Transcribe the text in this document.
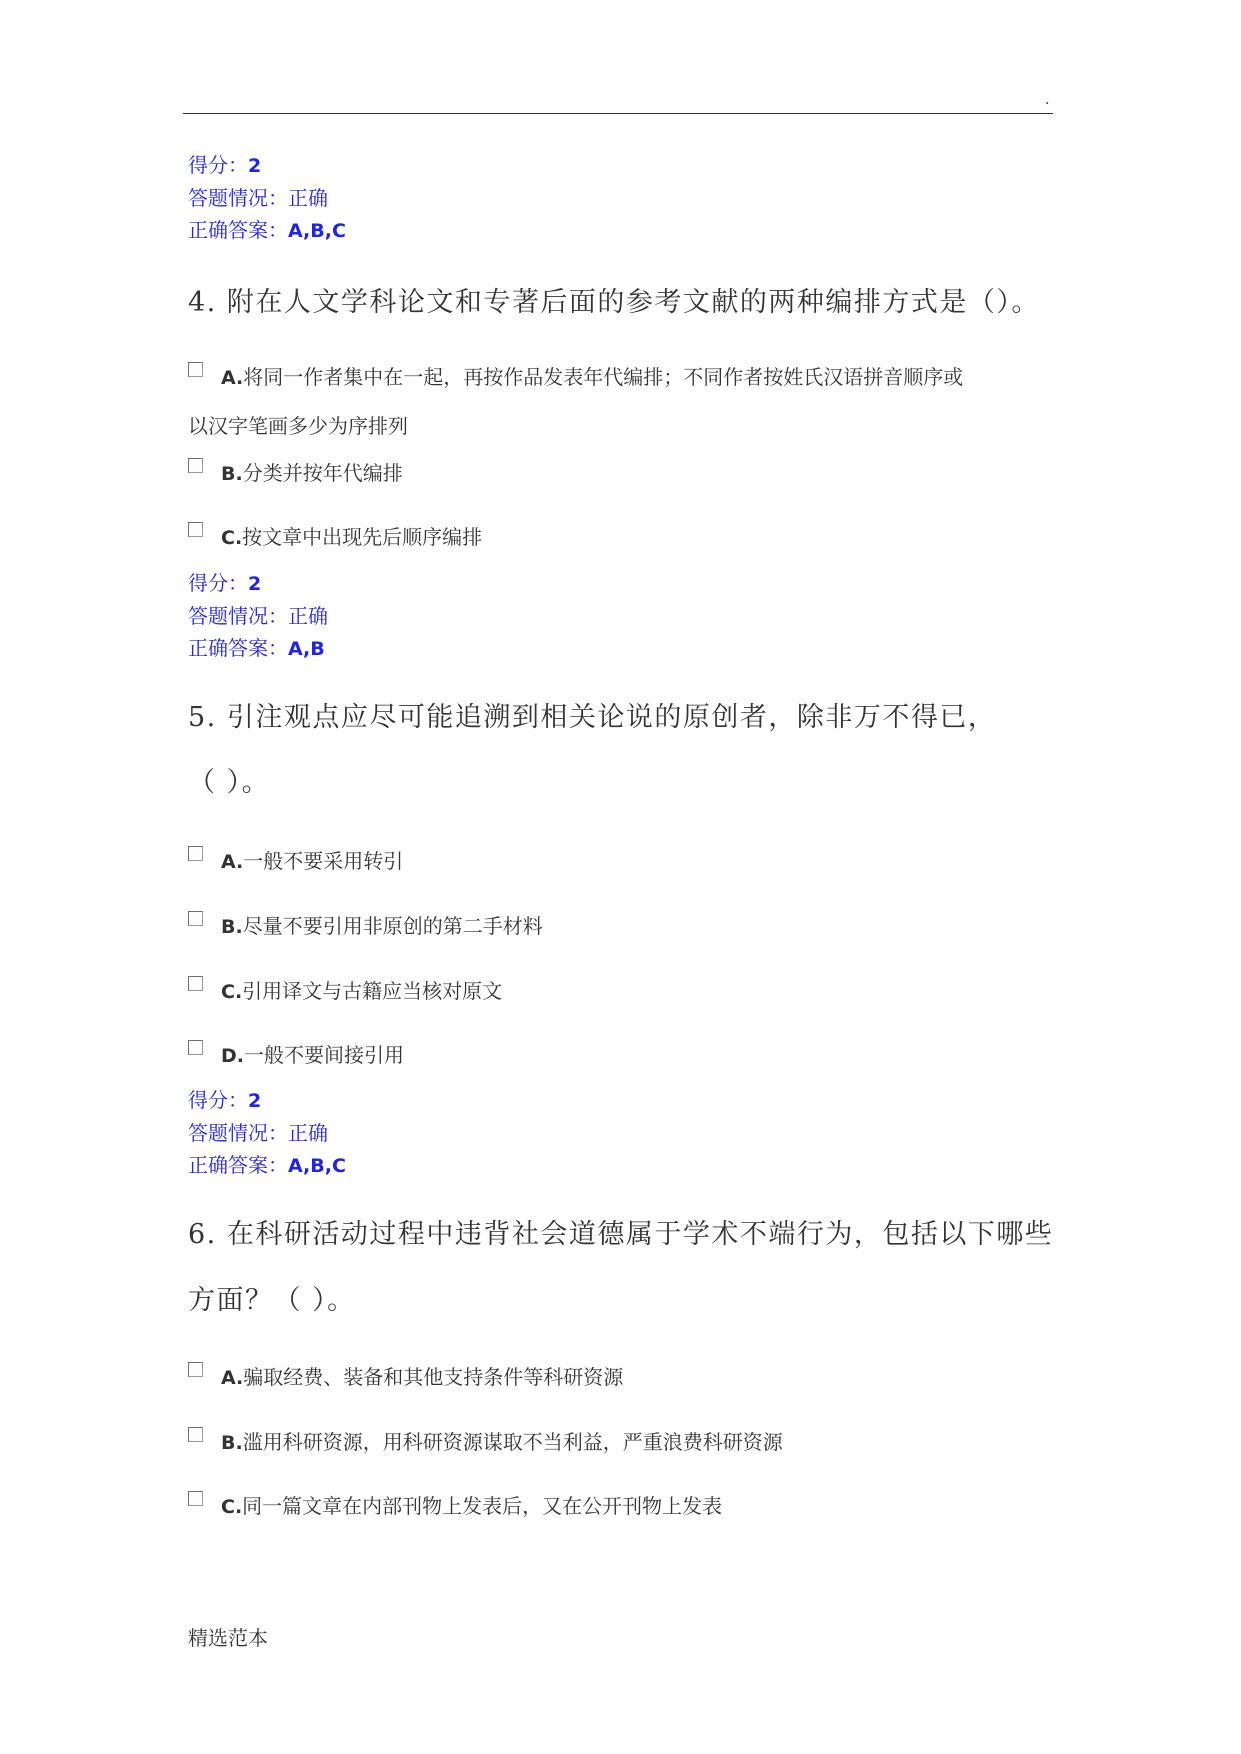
.
得分：2
答题情况：正确
正确答案：A,B,C
4. 附在人文学科论文和专著后面的参考文献的两种编排方式是（）。
A.将同一作者集中在一起，再按作品发表年代编排；不同作者按姓氏汉语拼音顺序或
以汉字笔画多少为序排列
B.分类并按年代编排
C.按文章中出现先后顺序编排
得分：2
答题情况：正确
正确答案：A,B
5. 引注观点应尽可能追溯到相关论说的原创者，除非万不得已，
（ ）。
A.一般不要采用转引
B.尽量不要引用非原创的第二手材料
C.引用译文与古籍应当核对原文
D.一般不要间接引用
得分：2
答题情况：正确
正确答案：A,B,C
6. 在科研活动过程中违背社会道德属于学术不端行为，包括以下哪些
方面？（ ）。
A.骗取经费、装备和其他支持条件等科研资源
B.滥用科研资源，用科研资源谋取不当利益，严重浪费科研资源
C.同一篇文章在内部刊物上发表后，又在公开刊物上发表
精选范本
